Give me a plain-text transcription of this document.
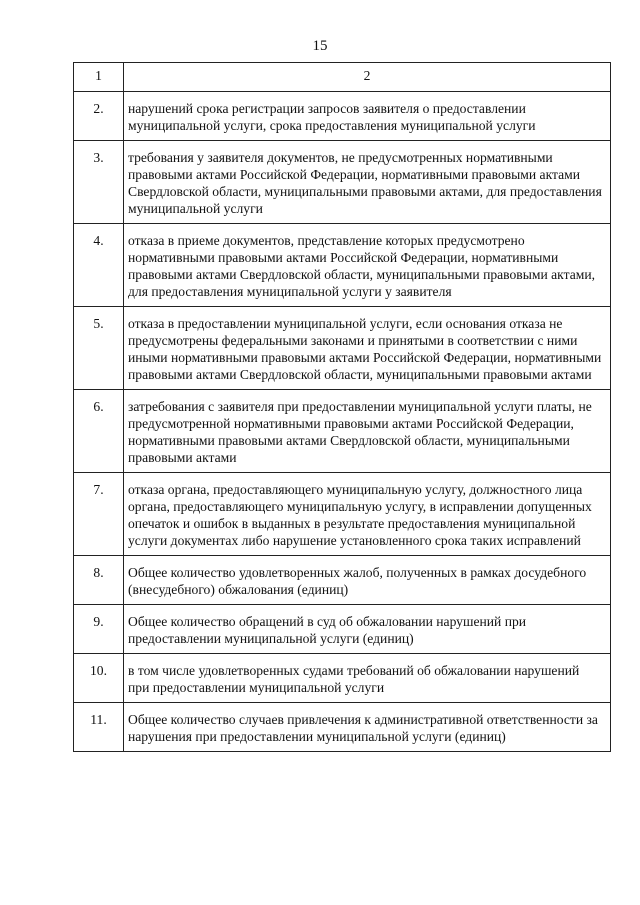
15
1	2
2.	нарушений срока регистрации запросов заявителя о предоставлении муниципальной услуги, срока предоставления муниципальной услуги
3.	требования у заявителя документов, не предусмотренных нормативными правовыми актами Российской Федерации, нормативными правовыми актами Свердловской области, муниципальными правовыми актами, для предоставления муниципальной услуги
4.	отказа в приеме документов, представление которых предусмотрено нормативными правовыми актами Российской Федерации, нормативными правовыми актами Свердловской области, муниципальными правовыми актами, для предоставления муниципальной услуги у заявителя
5.	отказа в предоставлении муниципальной услуги, если основания отказа не предусмотрены федеральными законами и принятыми в соответствии с ними иными нормативными правовыми актами Российской Федерации, нормативными правовыми актами Свердловской области, муниципальными правовыми актами
6.	затребования с заявителя при предоставлении муниципальной услуги платы, не предусмотренной нормативными правовыми актами Российской Федерации, нормативными правовыми актами Свердловской области, муниципальными правовыми актами
7.	отказа органа, предоставляющего муниципальную услугу, должностного лица органа, предоставляющего муниципальную услугу, в исправлении допущенных опечаток и ошибок в выданных в результате предоставления муниципальной услуги документах либо нарушение установленного срока таких исправлений
8.	Общее количество удовлетворенных жалоб, полученных в рамках досудебного (внесудебного) обжалования (единиц)
9.	Общее количество обращений в суд об обжаловании нарушений при предоставлении муниципальной услуги (единиц)
10.	в том числе удовлетворенных судами требований об обжаловании нарушений при предоставлении муниципальной услуги
11.	Общее количество случаев привлечения к административной ответственности за нарушения при предоставлении муниципальной услуги (единиц)
